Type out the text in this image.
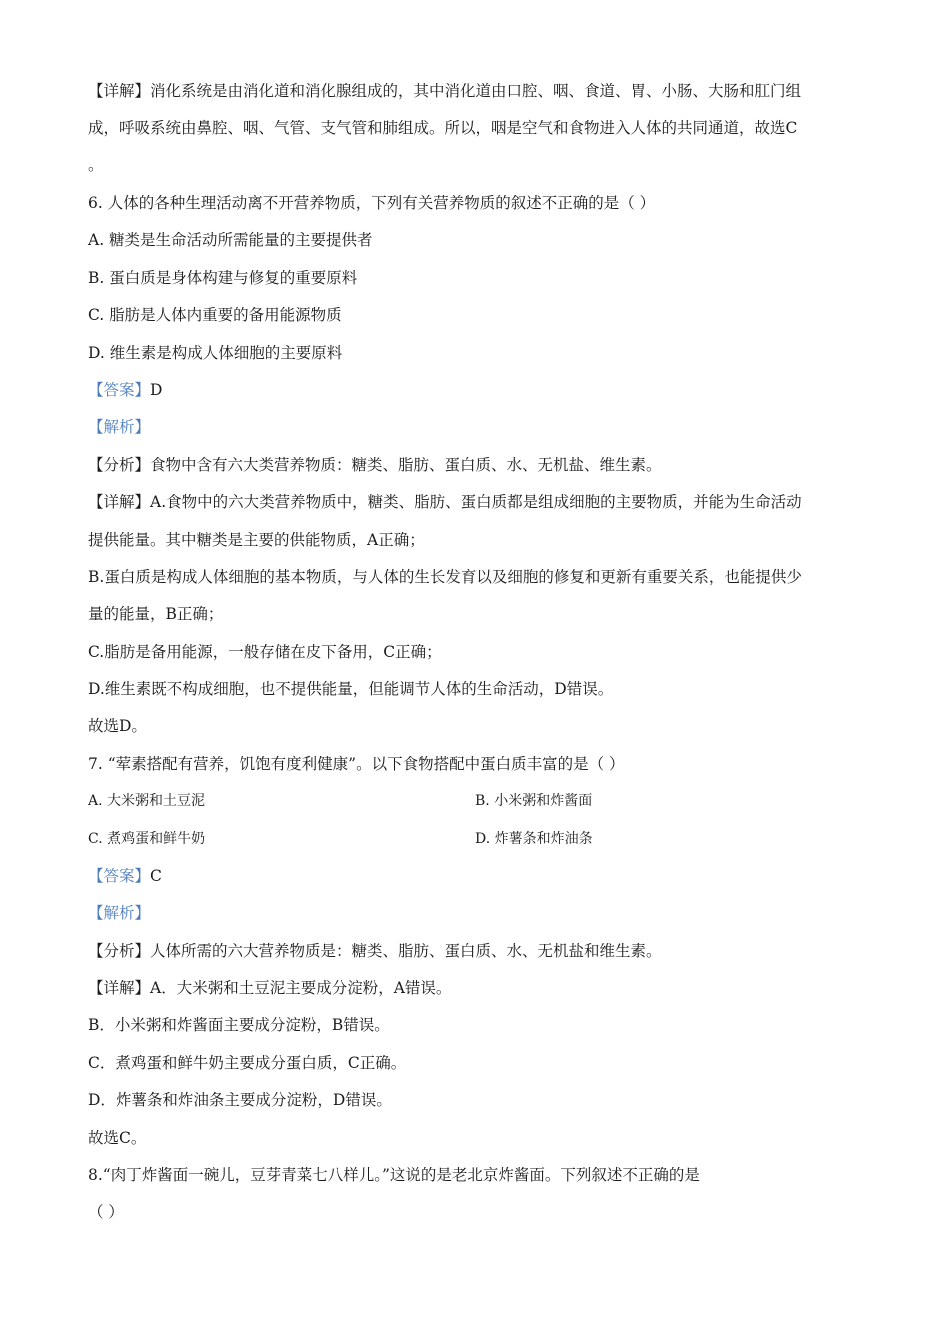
【详解】消化系统是由消化道和消化腺组成的，其中消化道由口腔、咽、食道、胃、小肠、大肠和肛门组
成，呼吸系统由鼻腔、咽、气管、支气管和肺组成。所以，咽是空气和食物进入人体的共同通道，故选C
。
6. 人体的各种生理活动离不开营养物质，下列有关营养物质的叙述不正确的是（ ）
A. 糖类是生命活动所需能量的主要提供者
B. 蛋白质是身体构建与修复的重要原料
C. 脂肪是人体内重要的备用能源物质
D. 维生素是构成人体细胞的主要原料
【答案】D
【解析】
【分析】食物中含有六大类营养物质：糖类、脂肪、蛋白质、水、无机盐、维生素。
【详解】A.食物中的六大类营养物质中，糖类、脂肪、蛋白质都是组成细胞的主要物质，并能为生命活动
提供能量。其中糖类是主要的供能物质，A正确；
B.蛋白质是构成人体细胞的基本物质，与人体的生长发育以及细胞的修复和更新有重要关系，也能提供少
量的能量，B正确；
C.脂肪是备用能源，一般存储在皮下备用，C正确；
D.维生素既不构成细胞，也不提供能量，但能调节人体的生命活动，D错误。
故选D。
7. “荤素搭配有营养，饥饱有度利健康”。以下食物搭配中蛋白质丰富的是（ ）
A. 大米粥和土豆泥	B. 小米粥和炸酱面
C. 煮鸡蛋和鲜牛奶	D. 炸薯条和炸油条
【答案】C
【解析】
【分析】人体所需的六大营养物质是：糖类、脂肪、蛋白质、水、无机盐和维生素。
【详解】A．大米粥和土豆泥主要成分淀粉，A错误。
B．小米粥和炸酱面主要成分淀粉，B错误。
C．煮鸡蛋和鲜牛奶主要成分蛋白质，C正确。
D．炸薯条和炸油条主要成分淀粉，D错误。
故选C。
8.“肉丁炸酱面一碗儿，豆芽青菜七八样儿。”这说的是老北京炸酱面。下列叙述不正确的是
（ ）
